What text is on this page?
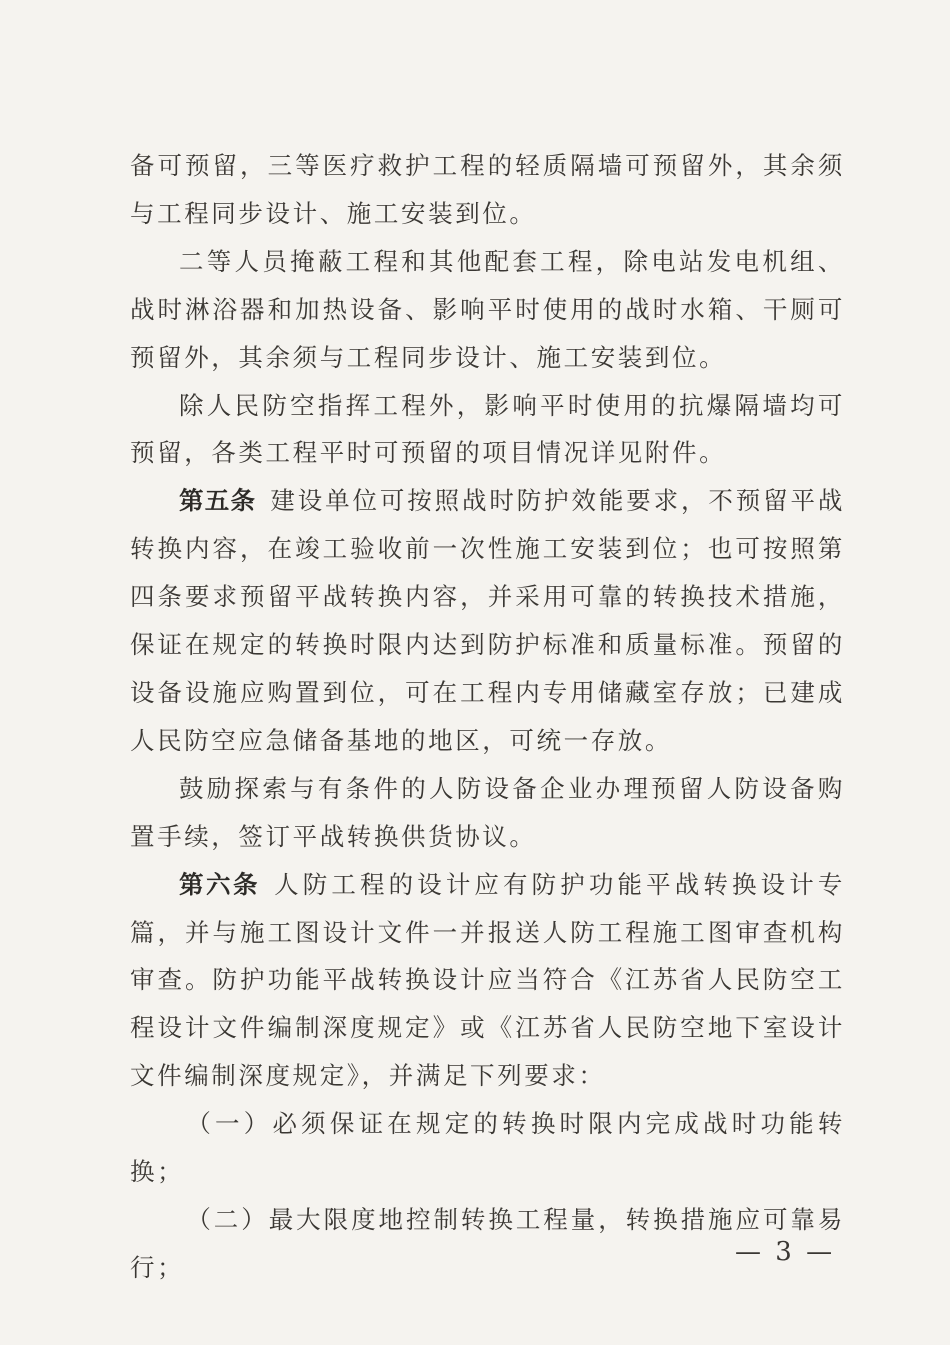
备可预留，三等医疗救护工程的轻质隔墙可预留外，其余须与工程同步设计、施工安装到位。

二等人员掩蔽工程和其他配套工程，除电站发电机组、战时淋浴器和加热设备、影响平时使用的战时水箱、干厕可预留外，其余须与工程同步设计、施工安装到位。

除人民防空指挥工程外，影响平时使用的抗爆隔墙均可预留，各类工程平时可预留的项目情况详见附件。

第五条 建设单位可按照战时防护效能要求，不预留平战转换内容，在竣工验收前一次性施工安装到位；也可按照第四条要求预留平战转换内容，并采用可靠的转换技术措施，保证在规定的转换时限内达到防护标准和质量标准。预留的设备设施应购置到位，可在工程内专用储藏室存放；已建成人民防空应急储备基地的地区，可统一存放。

鼓励探索与有条件的人防设备企业办理预留人防设备购置手续，签订平战转换供货协议。

第六条 人防工程的设计应有防护功能平战转换设计专篇，并与施工图设计文件一并报送人防工程施工图审查机构审查。防护功能平战转换设计应当符合《江苏省人民防空工程设计文件编制深度规定》或《江苏省人民防空地下室设计文件编制深度规定》，并满足下列要求：

（一）必须保证在规定的转换时限内完成战时功能转换；

（二）最大限度地控制转换工程量，转换措施应可靠易行；

— 3 —
